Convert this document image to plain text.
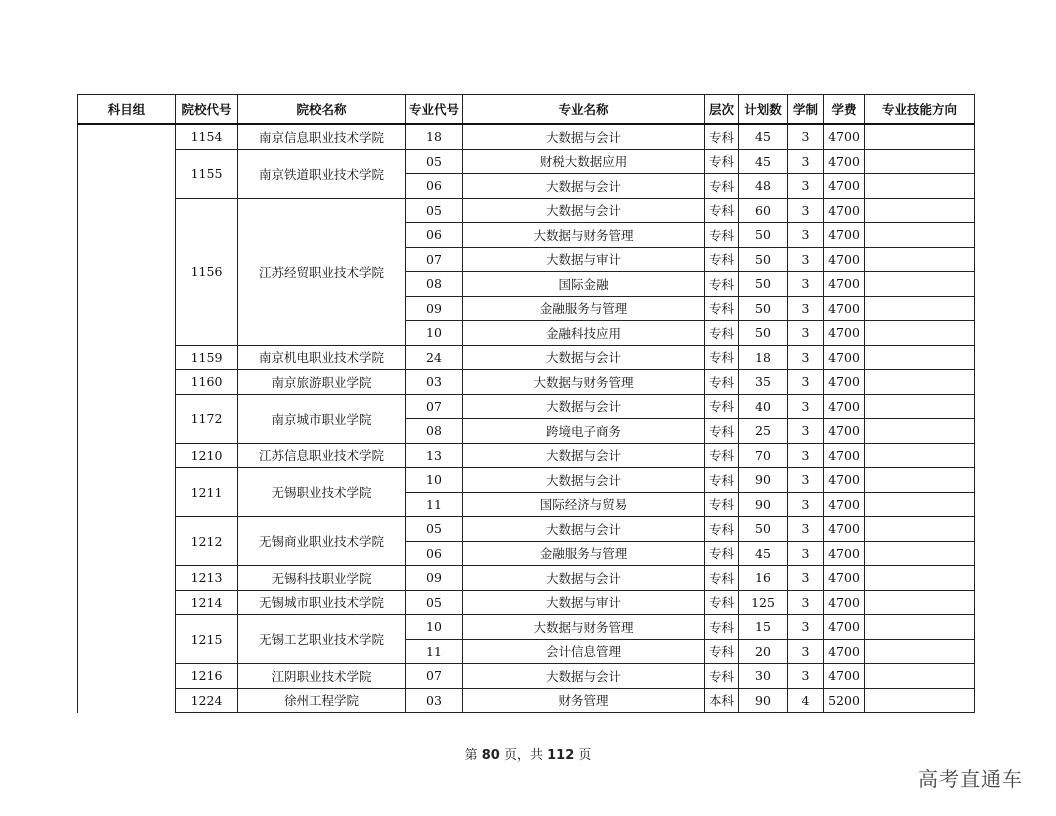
科目组	院校代号	院校名称	专业代号	专业名称	层次	计划数	学制	学费	专业技能方向
	1154	南京信息职业技术学院	18	大数据与会计	专科	45	3	4700	
	1155	南京铁道职业技术学院	05	财税大数据应用	专科	45	3	4700	
			06	大数据与会计	专科	48	3	4700	
	1156	江苏经贸职业技术学院	05	大数据与会计	专科	60	3	4700	
			06	大数据与财务管理	专科	50	3	4700	
			07	大数据与审计	专科	50	3	4700	
			08	国际金融	专科	50	3	4700	
			09	金融服务与管理	专科	50	3	4700	
			10	金融科技应用	专科	50	3	4700	
	1159	南京机电职业技术学院	24	大数据与会计	专科	18	3	4700	
	1160	南京旅游职业学院	03	大数据与财务管理	专科	35	3	4700	
	1172	南京城市职业学院	07	大数据与会计	专科	40	3	4700	
			08	跨境电子商务	专科	25	3	4700	
	1210	江苏信息职业技术学院	13	大数据与会计	专科	70	3	4700	
	1211	无锡职业技术学院	10	大数据与会计	专科	90	3	4700	
			11	国际经济与贸易	专科	90	3	4700	
	1212	无锡商业职业技术学院	05	大数据与会计	专科	50	3	4700	
			06	金融服务与管理	专科	45	3	4700	
	1213	无锡科技职业学院	09	大数据与会计	专科	16	3	4700	
	1214	无锡城市职业技术学院	05	大数据与审计	专科	125	3	4700	
	1215	无锡工艺职业技术学院	10	大数据与财务管理	专科	15	3	4700	
			11	会计信息管理	专科	20	3	4700	
	1216	江阴职业技术学院	07	大数据与会计	专科	30	3	4700	
	1224	徐州工程学院	03	财务管理	本科	90	4	5200	
第 80 页，共 112 页
高考直通车
